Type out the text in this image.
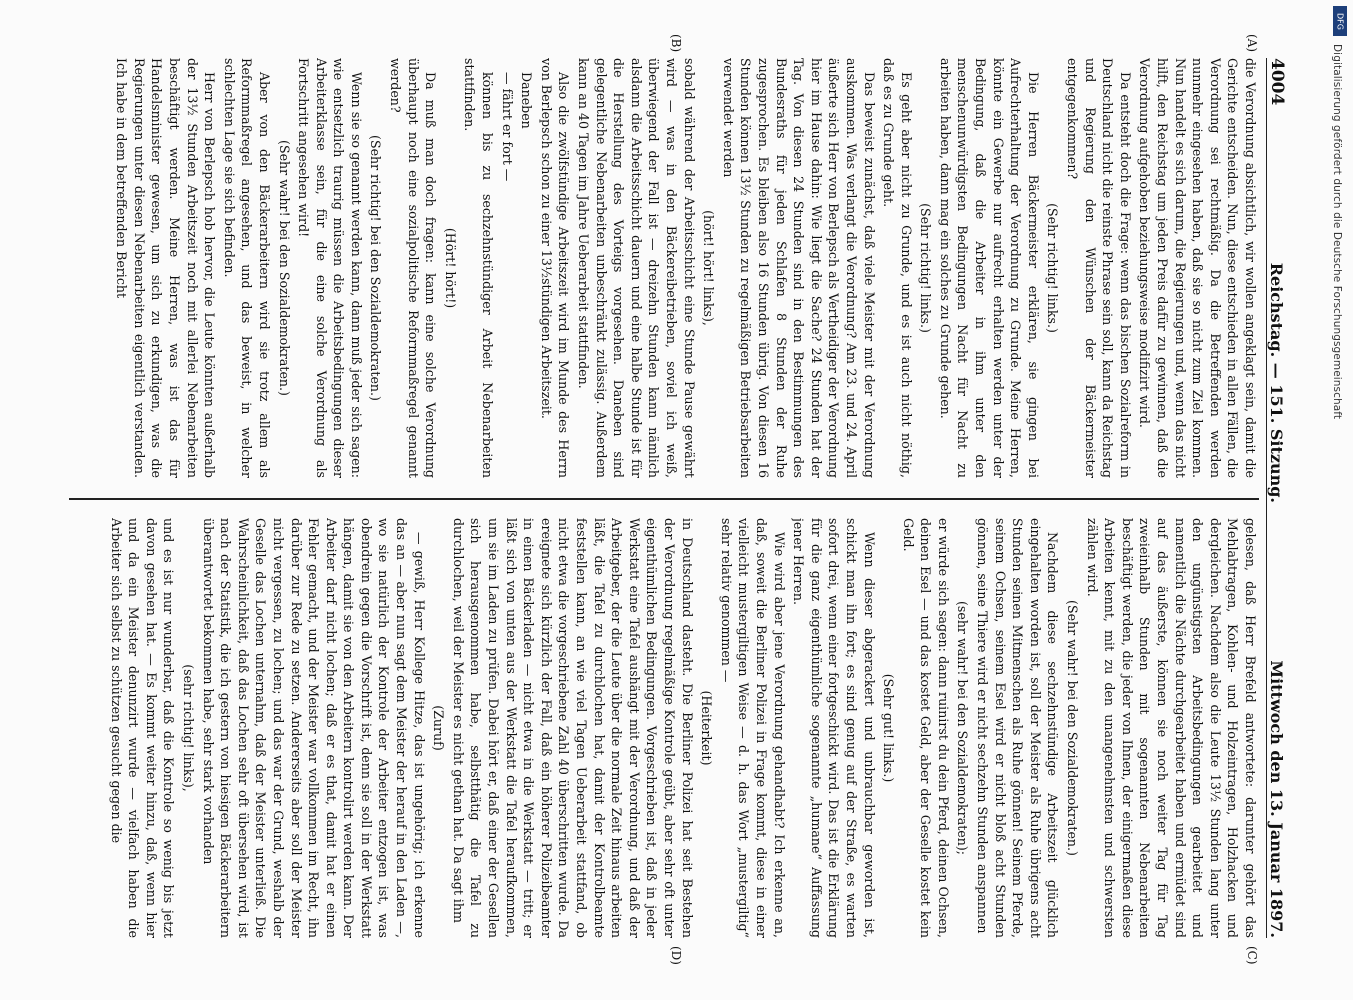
4004
Reichstag. — 151. Sitzung.
Mittwoch den 13. Januar 1897.
(A)
(B)
(C)
(D)

die Verordnung absichtlich, wir wollen angeklagt sein, damit die Gerichte entscheiden. Nun, diese entschieden in allen Fällen, die Verordnung sei rechtmäßig. Da die Betreffenden werden nunmehr eingesehen haben, daß sie so nicht zum Ziel kommen. Nun handelt es sich darum, die Regierungen und, wenn das nicht hilft, den Reichstag um jeden Preis dafür zu gewinnen, daß die Verordnung aufgehoben beziehungsweise modifizirt wird.

Da entsteht doch die Frage: wenn das bischen Sozialreform in Deutschland nicht die reinste Phrase sein soll, kann da Reichstag und Regierung den Wünschen der Bäckermeister entgegenkommen?

(Sehr richtig! links.)

Die Herren Bäckermeister erklären, sie gingen bei Aufrechterhaltung der Verordnung zu Grunde. Meine Herren, könnte ein Gewerbe nur aufrecht erhalten werden unter der Bedingung, daß die Arbeiter in ihm unter den menschenunwürdigsten Bedingungen Nacht für Nacht zu arbeiten haben, dann mag ein solches zu Grunde gehen.

(Sehr richtig! links.)

Es geht aber nicht zu Grunde, und es ist auch nicht nöthig, daß es zu Grunde geht.

Das beweist zunächst, daß viele Meister mit der Verordnung auskommen. Was verlangt die Verordnung? Am 23. und 24. April äußerte sich Herr von Berlepsch als Vertheidiger der Verordnung hier im Hause dahin: Wie liegt die Sache? 24 Stunden hat der Tag. Von diesen 24 Stunden sind in den Bestimmungen des Bundesraths für jeden Schlafen 8 Stunden der Ruhe zugesprochen. Es bleiben also 16 Stunden übrig. Von diesen 16 Stunden können 13½ Stunden zu regelmäßigen Betriebsarbeiten verwendet werden

(hört! hört! links),

sobald während der Arbeitsschicht eine Stunde Pause gewährt wird — was in den Bäckereibetrieben, soviel ich weiß, überwiegend der Fall ist — dreizehn Stunden kann nämlich alsdann die Arbeitsschicht dauern und eine halbe Stunde ist für die Herstellung des Vorteigs vorgesehen. Daneben sind gelegentliche Nebenarbeiten unbeschränkt zulässig. Außerdem kann an 40 Tagen im Jahre Ueberarbeit stattfinden.

Also die zwölfstündige Arbeitszeit wird im Munde des Herrn von Berlepsch schon zu einer 13½stündigen Arbeitszeit.

Daneben

— fährt er fort —

können bis zu sechzehnstündiger Arbeit Nebenarbeiten stattfinden.

(Hört! hört!)

Da muß man doch fragen: kann eine solche Verordnung überhaupt noch eine sozialpolitische Reformmaßregel genannt werden?

(Sehr richtig! bei den Sozialdemokraten.)

Wenn sie so genannt werden kann, dann muß jeder sich sagen: wie entsetzlich traurig müssen die Arbeitsbedingungen dieser Arbeiterklasse sein, für die eine solche Verordnung als Fortschritt angesehen wird!

(Sehr wahr! bei den Sozialdemokraten.)

Aber von den Bäckerarbeitern wird sie trotz allem als Reformmaßregel angesehen, und das beweist, in welcher schlechten Lage sie sich befinden.

Herr von Berlepsch hob hervor, die Leute könnten außerhalb der 13½ Stunden Arbeitszeit noch mit allerlei Nebenarbeiten beschäftigt werden. Meine Herren, was ist das für Handelsminister gewesen, um sich zu erkundigen, was die Regierungen unter diesen Nebenarbeiten eigentlich verstanden. Ich habe in dem betreffenden Bericht

gelesen, daß Herr Brefeld antwortete: darunter gehört das Mehlabtragen, Kohlen- und Holzeintragen, Holzhacken und dergleichen. Nachdem also die Leute 13½ Stunden lang unter den ungünstigsten Arbeitsbedingungen gearbeitet und namentlich die Nächte durchgearbeitet haben und ermüdet sind auf das äußerste, können sie noch weiter Tag für Tag zweieinhalb Stunden mit sogenannten Nebenarbeiten beschäftigt werden, die jeder von Ihnen, der einigermaßen diese Arbeiten kennt, mit zu den unangenehmsten und schwersten zählen wird.

(Sehr wahr! bei den Sozialdemokraten.)

Nachdem diese sechzehnstündige Arbeitszeit glücklich eingehalten worden ist, soll der Meister als Ruhe übrigens acht Stunden seinen Mitmenschen als Ruhe gönnen! Seinem Pferde, seinem Ochsen, seinem Esel wird er nicht bloß acht Stunden gönnen, seine Thiere wird er nicht sechzehn Stunden anspannen

(sehr wahr! bei den Sozialdemokraten);

er würde sich sagen: dann ruinirst du dein Pferd, deinen Ochsen, deinen Esel — und das kostet Geld, aber der Geselle kostet kein Geld.

(Sehr gut! links.)

Wenn dieser abgerackert und unbrauchbar geworden ist, schickt man ihn fort; es sind genug auf der Straße, es warten sofort drei, wenn einer fortgeschickt wird. Das ist die Erklärung für die ganz eigenthümliche sogenannte „humane“ Auffassung jener Herren.

Wie wird aber jene Verordnung gehandhabt? Ich erkenne an, daß, soweit die Berliner Polizei in Frage kommt, diese in einer vielleicht mustergiltigen Weise — d. h. das Wort „mustergiltig“ sehr relativ genommen —

(Heiterkeit)

in Deutschland dasteht. Die Berliner Polizei hat seit Bestehen der Verordnung regelmäßige Kontrole geübt, aber sehr oft unter eigenthümlichen Bedingungen. Vorgeschrieben ist, daß in jeder Werkstatt eine Tafel aushängt mit der Verordnung, und daß der Arbeitgeber, der die Leute über die normale Zeit hinaus arbeiten läßt, die Tafel zu durchlochen hat, damit der Kontrolbeamte feststellen kann, an wie viel Tagen Ueberarbeit stattfand, ob nicht etwa die vorgeschriebene Zahl 40 überschritten wurde. Da ereignete sich kürzlich der Fall, daß ein höherer Polizeibeamter in einen Bäckerladen — nicht etwa in die Werkstatt — tritt; er läßt sich von unten aus der Werkstatt die Tafel heraufkommen, um sie im Laden zu prüfen. Dabei hört er, daß einer der Gesellen sich herausgenommen habe, selbstthätig die Tafel zu durchlochen, weil der Meister es nicht gethan hat. Da sagt ihm

(Zuruf)

— gewiß, Herr Kollege Hitze, das ist ungehörig; ich erkenne das an — aber nun sagt dem Meister der herauf in den Laden —, wo sie natürlich der Kontrole der Arbeiter entzogen ist, was obendrein gegen die Vorschrift ist, denn sie soll in der Werkstatt hängen, damit sie von den Arbeitern kontrolirt werden kann. Der Arbeiter darf nicht lochen; daß er es that, damit hat er einen Fehler gemacht, und der Meister war vollkommen im Recht, ihn darüber zur Rede zu setzen. Andererseits aber soll der Meister nicht vergessen, zu lochen; und das war der Grund, weshalb der Geselle das Lochen unternahm, daß der Meister unterließ. Die Wahrscheinlichkeit, daß das Lochen sehr oft übersehen wird, ist nach der Statistik, die ich gestern von hiesigen Bäckerarbeitern überantwortet bekommen habe, sehr stark vorhanden

(sehr richtig! links),

und es ist nur wunderbar, daß die Kontrole so wenig bis jetzt davon gesehen hat. — Es kommt weiter hinzu, daß, wenn hier und da ein Meister denunzirt wurde — vielfach haben die Arbeiter sich selbst zu schützen gesucht gegen die

DFG
Digitalisierung gefördert durch die Deutsche Forschungsgemeinschaft
